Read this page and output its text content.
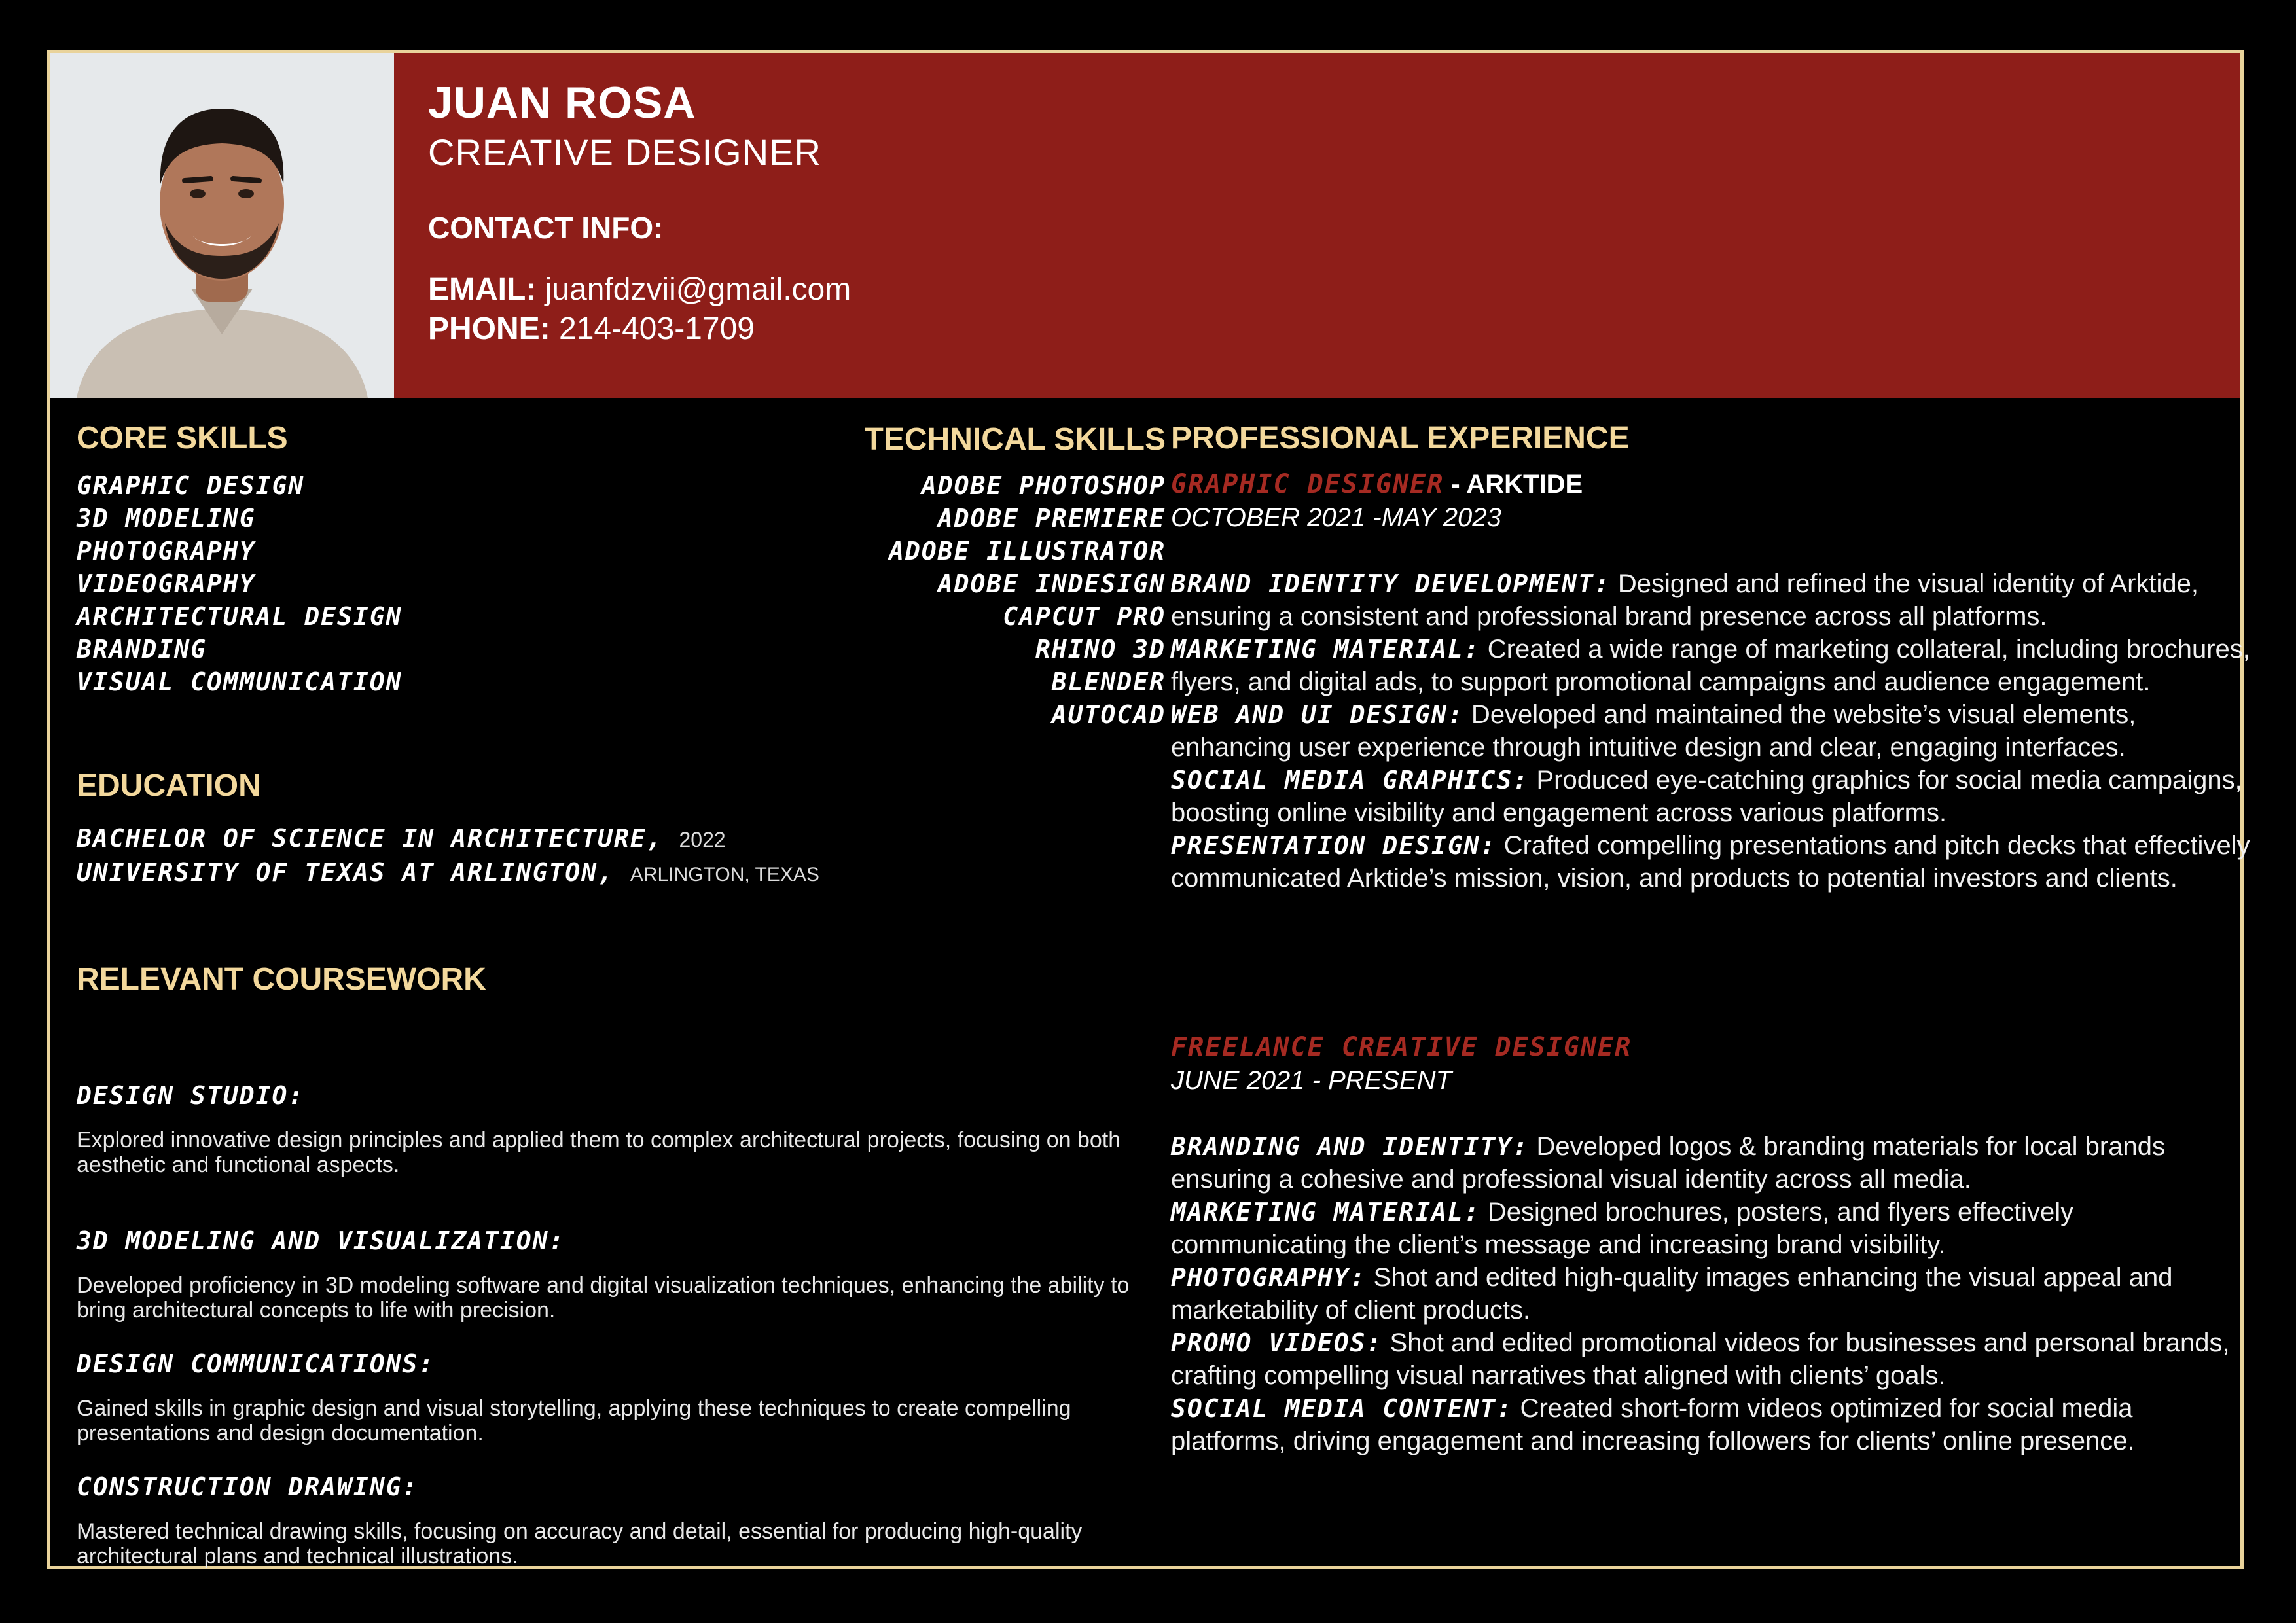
JUAN ROSA
CREATIVE DESIGNER
CONTACT INFO:
EMAIL: juanfdzvii@gmail.com
PHONE: 214-403-1709
CORE SKILLS
GRAPHIC DESIGN
3D MODELING
PHOTOGRAPHY
VIDEOGRAPHY
ARCHITECTURAL DESIGN
BRANDING
VISUAL COMMUNICATION
TECHNICAL SKILLS
ADOBE PHOTOSHOP
ADOBE PREMIERE
ADOBE ILLUSTRATOR
ADOBE INDESIGN
CAPCUT PRO
RHINO 3D
BLENDER
AUTOCAD
EDUCATION
BACHELOR OF SCIENCE IN ARCHITECTURE, 2022
UNIVERSITY OF TEXAS AT ARLINGTON, ARLINGTON, TEXAS
RELEVANT COURSEWORK
DESIGN STUDIO:
Explored innovative design principles and applied them to complex architectural projects, focusing on both aesthetic and functional aspects.
3D MODELING AND VISUALIZATION:
Developed proficiency in 3D modeling software and digital visualization techniques, enhancing the ability to bring architectural concepts to life with precision.
DESIGN COMMUNICATIONS:
Gained skills in graphic design and visual storytelling, applying these techniques to create compelling presentations and design documentation.
CONSTRUCTION DRAWING:
Mastered technical drawing skills, focusing on accuracy and detail, essential for producing high-quality architectural plans and technical illustrations.
PROFESSIONAL EXPERIENCE
GRAPHIC DESIGNER - ARKTIDE
OCTOBER 2021 -MAY 2023
BRAND IDENTITY DEVELOPMENT: Designed and refined the visual identity of Arktide, ensuring a consistent and professional brand presence across all platforms.
MARKETING MATERIAL: Created a wide range of marketing collateral, including brochures, flyers, and digital ads, to support promotional campaigns and audience engagement.
WEB AND UI DESIGN: Developed and maintained the website’s visual elements, enhancing user experience through intuitive design and clear, engaging interfaces.
SOCIAL MEDIA GRAPHICS: Produced eye-catching graphics for social media campaigns, boosting online visibility and engagement across various platforms.
PRESENTATION DESIGN: Crafted compelling presentations and pitch decks that effectively communicated Arktide’s mission, vision, and products to potential investors and clients.
FREELANCE CREATIVE DESIGNER
JUNE 2021 - PRESENT
BRANDING AND IDENTITY: Developed logos & branding materials for local brands ensuring a cohesive and professional visual identity across all media.
MARKETING MATERIAL: Designed brochures, posters, and flyers effectively communicating the client’s message and increasing brand visibility.
PHOTOGRAPHY: Shot and edited high-quality images enhancing the visual appeal and marketability of client products.
PROMO VIDEOS: Shot and edited promotional videos for businesses and personal brands, crafting compelling visual narratives that aligned with clients’ goals.
SOCIAL MEDIA CONTENT: Created short-form videos optimized for social media platforms, driving engagement and increasing followers for clients’ online presence.
